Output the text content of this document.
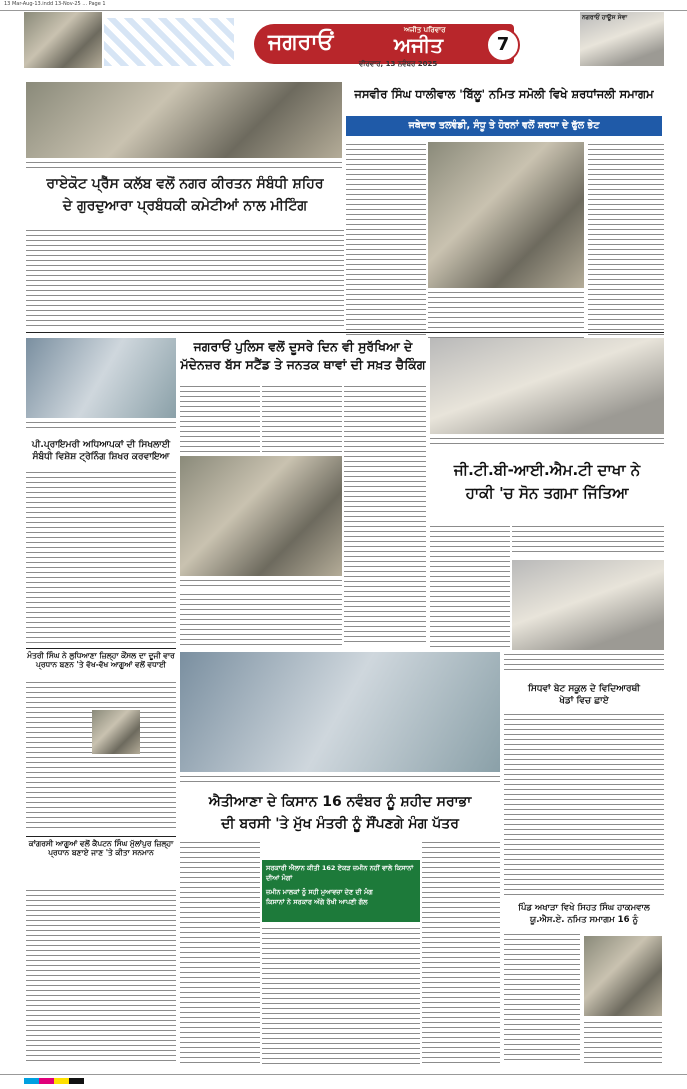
13 Mar-Aug-13.indd 13-Nov-25 ... Page 1
ਜਗਰਾਓਂ	ਅਜੀਤ ਪਰਿਵਾਰ
ਅਜੀਤ
ਵੀਰਵਾਰ, 13 ਨਵੰਬਰ 2025
7
ਨਗਰਾਓਂ ਹਾਊਸ ਸੇਵਾ
ਜਸਵੀਰ ਸਿੰਘ ਧਾਲੀਵਾਲ 'ਬਿੱਲੂ' ਨਮਿਤ ਸਮੋਲੀ ਵਿਖੇ ਸ਼ਰਧਾਂਜਲੀ ਸਮਾਗਮ
ਜਥੇਦਾਰ ਤਲਵੰਡੀ, ਸੰਧੂ ਤੇ ਹੋਰਨਾਂ ਵਲੋਂ ਸ਼ਰਧਾ ਦੇ ਫੁੱਲ ਭੇਟ
ਰਾਏਕੋਟ ਪ੍ਰੈੱਸ ਕਲੱਬ ਵਲੋਂ ਨਗਰ ਕੀਰਤਨ ਸੰਬੰਧੀ ਸ਼ਹਿਰ
ਦੇ ਗੁਰਦੁਆਰਾ ਪ੍ਰਬੰਧਕੀ ਕਮੇਟੀਆਂ ਨਾਲ ਮੀਟਿੰਗ
ਜਗਰਾਓਂ ਪੁਲਿਸ ਵਲੋਂ ਦੂਸਰੇ ਦਿਨ ਵੀ ਸੁਰੱਖਿਆ ਦੇ
ਮੱਦੇਨਜ਼ਰ ਬੱਸ ਸਟੈਂਡ ਤੇ ਜਨਤਕ ਥਾਵਾਂ ਦੀ ਸਖ਼ਤ ਚੈਕਿੰਗ
ਪੀ.ਪ੍ਰਾਇਮਰੀ ਅਧਿਆਪਕਾਂ ਦੀ ਸਿਖਲਾਈ
ਸੰਬੰਧੀ ਵਿਸ਼ੇਸ਼ ਟ੍ਰੇਨਿੰਗ ਸ਼ਿਖਰ ਕਰਵਾਇਆ
ਜੀ.ਟੀ.ਬੀ-ਆਈ.ਐਮ.ਟੀ ਦਾਖਾ ਨੇ
ਹਾਕੀ 'ਚ ਸੋਨ ਤਗਮਾ ਜਿੱਤਿਆ
ਮੰਤਰੀ ਸਿੰਘ ਨੇ ਲੁਧਿਆਣਾ ਜ਼ਿਲ੍ਹਾ ਕੌਂਸਲ ਦਾ ਦੂਜੀ ਵਾਰ ਪ੍ਰਧਾਨ ਬਣਨ 'ਤੇ ਵੱਖ-ਵੱਖ ਆਗੂਆਂ ਵਲੋਂ ਵਧਾਈ
ਕਾਂਗਰਸੀ ਆਗੂਆਂ ਵਲੋਂ ਕੈਪਟਨ ਸਿੰਘ ਮੁੱਲਾਂਪੁਰ ਜ਼ਿਲ੍ਹਾ ਪ੍ਰਧਾਨ ਬਣਾਏ ਜਾਣ 'ਤੇ ਕੀਤਾ ਸਨਮਾਨ
ਐਤੀਆਣਾ ਦੇ ਕਿਸਾਨ 16 ਨਵੰਬਰ ਨੂੰ ਸ਼ਹੀਦ ਸਰਾਭਾ
ਦੀ ਬਰਸੀ 'ਤੇ ਮੁੱਖ ਮੰਤਰੀ ਨੂੰ ਸੌਂਪਣਗੇ ਮੰਗ ਪੱਤਰ
ਸਰਕਾਰੀ ਐਲਾਨ ਕੀਤੀ 162 ਏਕੜ ਜ਼ਮੀਨ ਨਹੀਂ ਵਾਲੇ ਕਿਸਾਨਾਂ ਦੀਆਂ ਮੰਗਾਂ
ਜ਼ਮੀਨ ਮਾਲਕਾਂ ਨੂੰ ਸਹੀ ਮੁਆਵਜ਼ਾ ਦੇਣ ਦੀ ਮੰਗ
ਕਿਸਾਨਾਂ ਨੇ ਸਰਕਾਰ ਅੱਗੇ ਰੱਖੀ ਆਪਣੀ ਗੱਲ
ਸਿਧਵਾਂ ਬੇਟ ਸਕੂਲ ਦੇ ਵਿਦਿਆਰਥੀ
ਖੇਡਾਂ ਵਿਚ ਛਾਏ
ਪਿੰਡ ਅਖਾੜਾ ਵਿਖੇ ਸਿਹਤ ਸਿੰਘ ਹਾਕਮਵਾਲ
ਯੂ.ਐਸ.ਏ. ਨਮਿਤ ਸਮਾਗਮ 16 ਨੂੰ
